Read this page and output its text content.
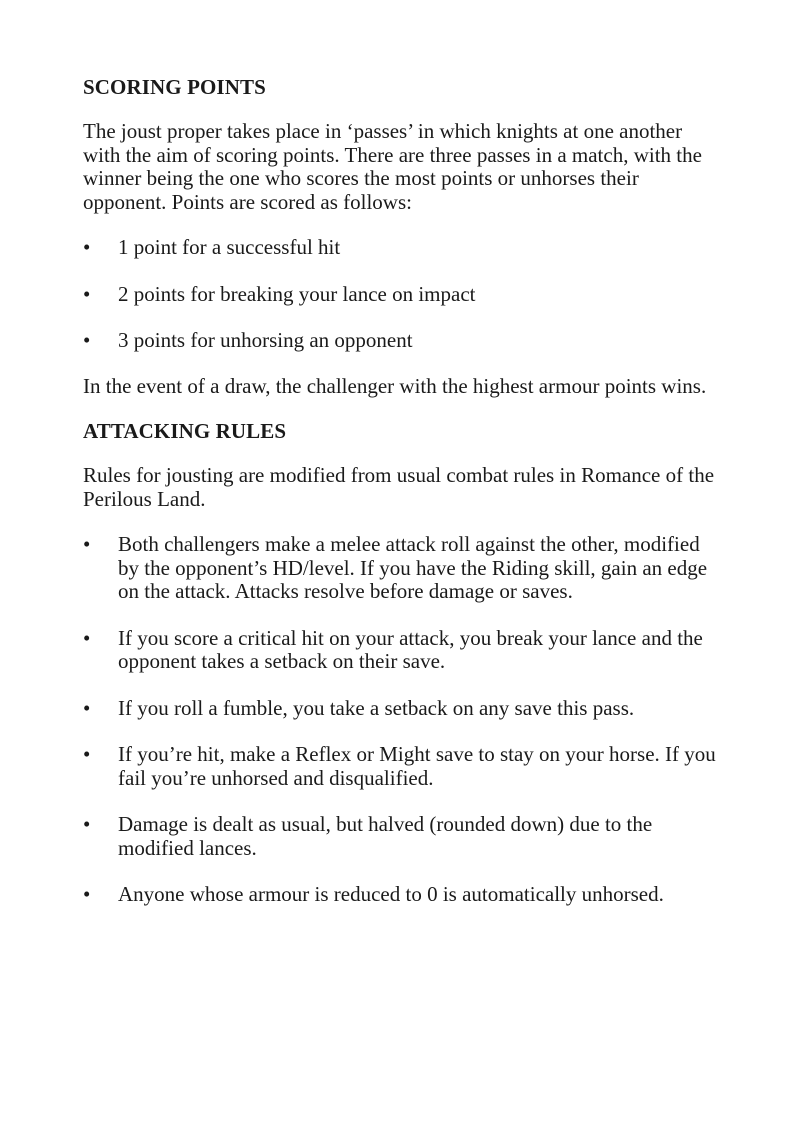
SCORING POINTS

The joust proper takes place in ‘passes’ in which knights at one another with the aim of scoring points. There are three passes in a match, with the winner being the one who scores the most points or unhorses their opponent. Points are scored as follows:

•	1 point for a successful hit
•	2 points for breaking your lance on impact
•	3 points for unhorsing an opponent

In the event of a draw, the challenger with the highest armour points wins.

ATTACKING RULES

Rules for jousting are modified from usual combat rules in Romance of the Perilous Land.

•	Both challengers make a melee attack roll against the other, modified by the opponent’s HD/level. If you have the Riding skill, gain an edge on the attack. Attacks resolve before damage or saves.
•	If you score a critical hit on your attack, you break your lance and the opponent takes a setback on their save.
•	If you roll a fumble, you take a setback on any save this pass.
•	If you’re hit, make a Reflex or Might save to stay on your horse. If you fail you’re unhorsed and disqualified.
•	Damage is dealt as usual, but halved (rounded down) due to the modified lances.
•	Anyone whose armour is reduced to 0 is automatically unhorsed.
